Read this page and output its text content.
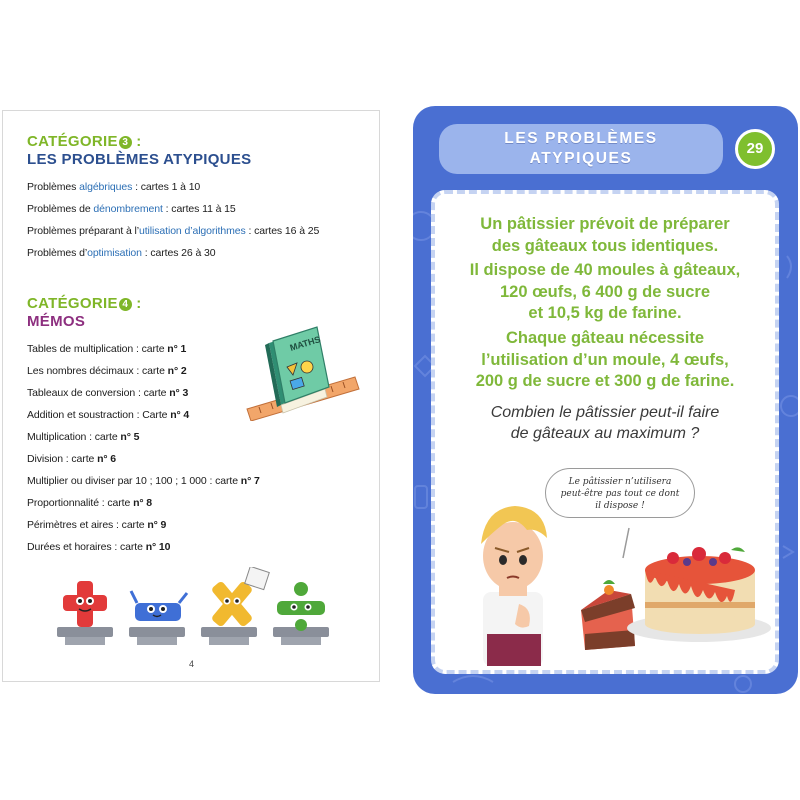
CATÉGORIE 3 :
LES PROBLÈMES ATYPIQUES
Problèmes algébriques : cartes 1 à 10
Problèmes de dénombrement : cartes 11 à 15
Problèmes préparant à l’utilisation d’algorithmes : cartes 16 à 25
Problèmes d’optimisation : cartes 26 à 30
CATÉGORIE 4 :
MÉMOS
Tables de multiplication : carte n° 1
Les nombres décimaux : carte n° 2
Tableaux de conversion : carte n° 3
Addition et soustraction : Carte n° 4
Multiplication : carte n° 5
Division : carte n° 6
Multiplier ou diviser par 10 ; 100 ; 1 000 : carte n° 7
Proportionnalité : carte n° 8
Périmètres et aires : carte n° 9
Durées et horaires : carte n° 10
MATHS
4
LES PROBLÈMES
ATYPIQUES
29
Un pâtissier prévoit de préparer
des gâteaux tous identiques.
Il dispose de 40 moules à gâteaux,
120 œufs, 6 400 g de sucre
et 10,5 kg de farine.
Chaque gâteau nécessite
l’utilisation d’un moule, 4 œufs,
200 g de sucre et 300 g de farine.
Combien le pâtissier peut-il faire
de gâteaux au maximum ?
Le pâtissier n’utilisera
peut-être pas tout ce dont
il dispose !
